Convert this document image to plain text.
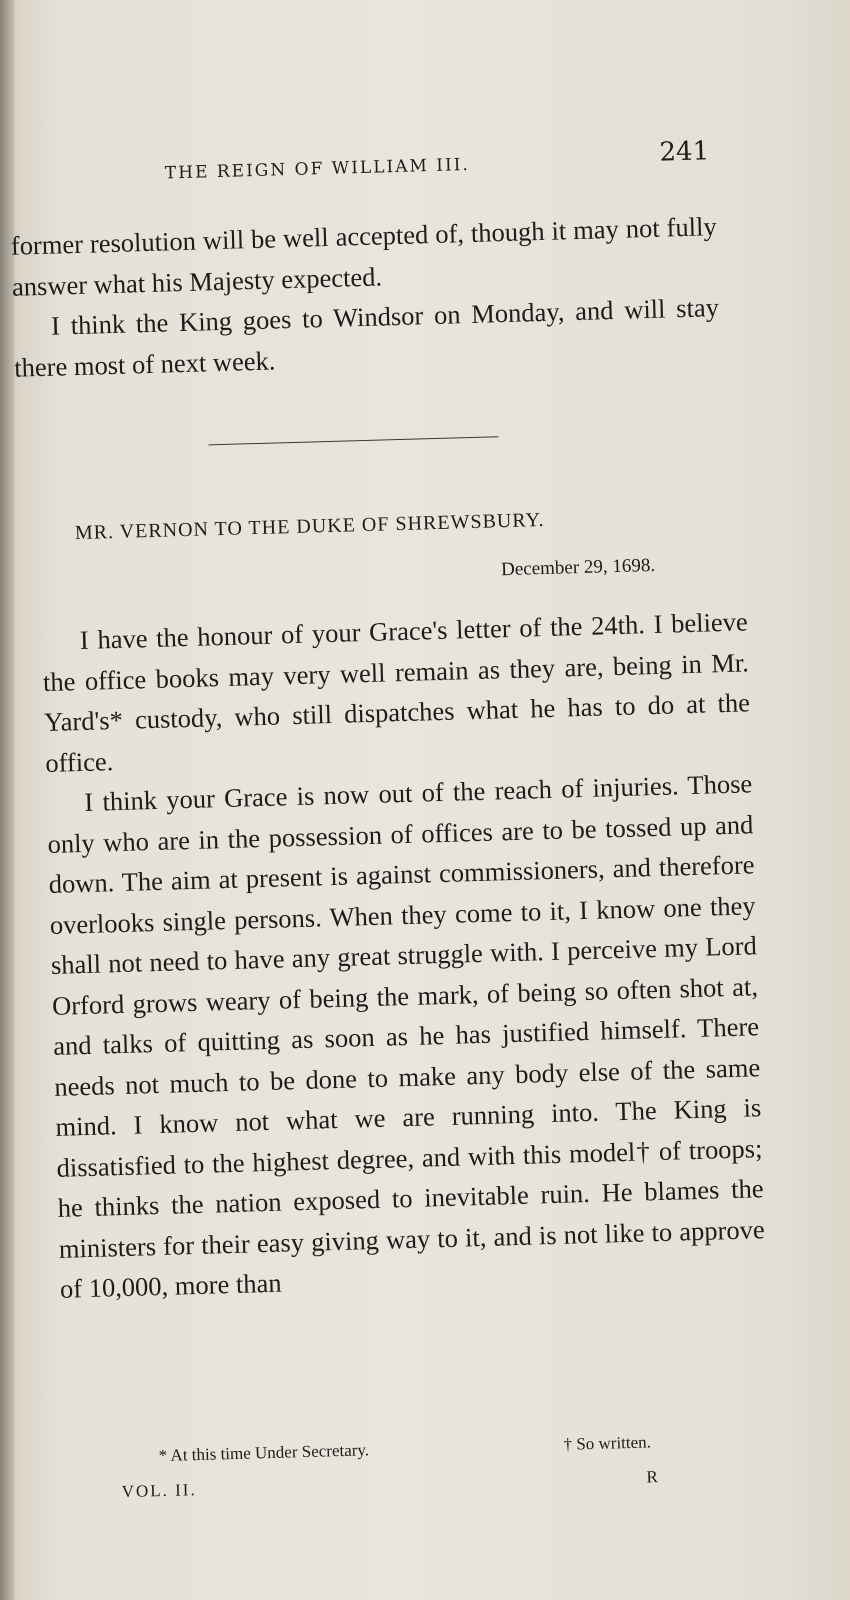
THE REIGN OF WILLIAM III.
241

former resolution will be well accepted of, though it may not fully answer what his Majesty expected.

I think the King goes to Windsor on Monday, and will stay there most of next week.

MR. VERNON TO THE DUKE OF SHREWSBURY.
December 29, 1698.

I have the honour of your Grace's letter of the 24th. I believe the office books may very well remain as they are, being in Mr. Yard's* custody, who still dispatches what he has to do at the office.

I think your Grace is now out of the reach of injuries. Those only who are in the possession of offices are to be tossed up and down. The aim at present is against commissioners, and therefore overlooks single persons. When they come to it, I know one they shall not need to have any great struggle with. I perceive my Lord Orford grows weary of being the mark, of being so often shot at, and talks of quitting as soon as he has justified himself. There needs not much to be done to make any body else of the same mind. I know not what we are running into. The King is dissatisfied to the highest degree, and with this model† of troops; he thinks the nation exposed to inevitable ruin. He blames the ministers for their easy giving way to it, and is not like to approve of 10,000, more than

* At this time Under Secretary.	† So written.
VOL. II.
R
